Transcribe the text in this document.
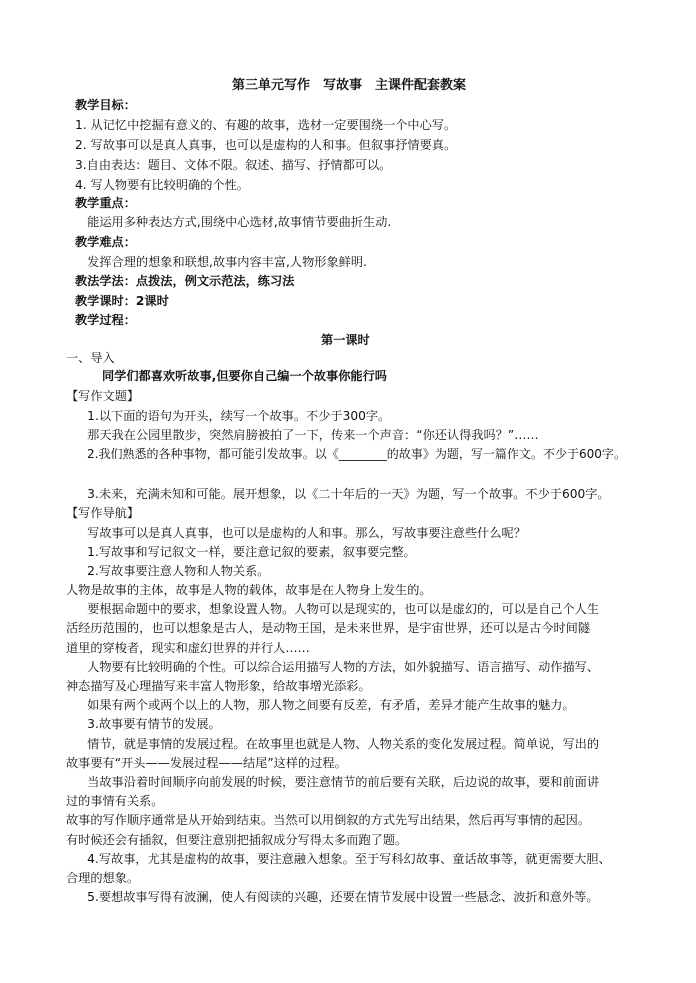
第三单元写作　写故事　主课件配套教案
教学目标：
1. 从记忆中挖掘有意义的、有趣的故事，选材一定要围绕一个中心写。
2. 写故事可以是真人真事，也可以是虚构的人和事。但叙事抒情要真。
3.自由表达：题目、文体不限。叙述、描写、抒情都可以。
4. 写人物要有比较明确的个性。
教学重点：
　能运用多种表达方式,围绕中心选材,故事情节要曲折生动.
教学难点：
　发挥合理的想象和联想,故事内容丰富,人物形象鲜明.
教法学法：点拨法，例文示范法，练习法
教学课时：2课时
教学过程：
第一课时
一、导入
同学们都喜欢听故事,但要你自己编一个故事你能行吗
【写作文题】
　1.以下面的语句为开头，续写一个故事。不少于300字。
　那天我在公园里散步，突然肩膀被拍了一下，传来一个声音：“你还认得我吗？”……
　2.我们熟悉的各种事物，都可能引发故事。以《________的故事》为题，写一篇作文。不少于600字。
　3.未来，充满未知和可能。展开想象，以《二十年后的一天》为题，写一个故事。不少于600字。
【写作导航】
　写故事可以是真人真事，也可以是虚构的人和事。那么，写故事要注意些什么呢？
　1.写故事和写记叙文一样，要注意记叙的要素，叙事要完整。
　2.写故事要注意人物和人物关系。
人物是故事的主体，故事是人物的载体，故事是在人物身上发生的。
　要根据命题中的要求，想象设置人物。人物可以是现实的，也可以是虚幻的，可以是自己个人生
活经历范围的，也可以想象是古人，是动物王国，是未来世界，是宇宙世界，还可以是古今时间隧
道里的穿梭者，现实和虚幻世界的并行人……
　人物要有比较明确的个性。可以综合运用描写人物的方法，如外貌描写、语言描写、动作描写、
神态描写及心理描写来丰富人物形象，给故事增光添彩。
　如果有两个或两个以上的人物，那人物之间要有反差，有矛盾，差异才能产生故事的魅力。
　3.故事要有情节的发展。
　情节，就是事情的发展过程。在故事里也就是人物、人物关系的变化发展过程。简单说，写出的
故事要有“开头——发展过程——结尾”这样的过程。
　当故事沿着时间顺序向前发展的时候，要注意情节的前后要有关联，后边说的故事，要和前面讲
过的事情有关系。
故事的写作顺序通常是从开始到结束。当然可以用倒叙的方式先写出结果，然后再写事情的起因。
有时候还会有插叙，但要注意别把插叙成分写得太多而跑了题。
　4.写故事，尤其是虚构的故事，要注意融入想象。至于写科幻故事、童话故事等，就更需要大胆、
合理的想象。
　5.要想故事写得有波澜，使人有阅读的兴趣，还要在情节发展中设置一些悬念、波折和意外等。
